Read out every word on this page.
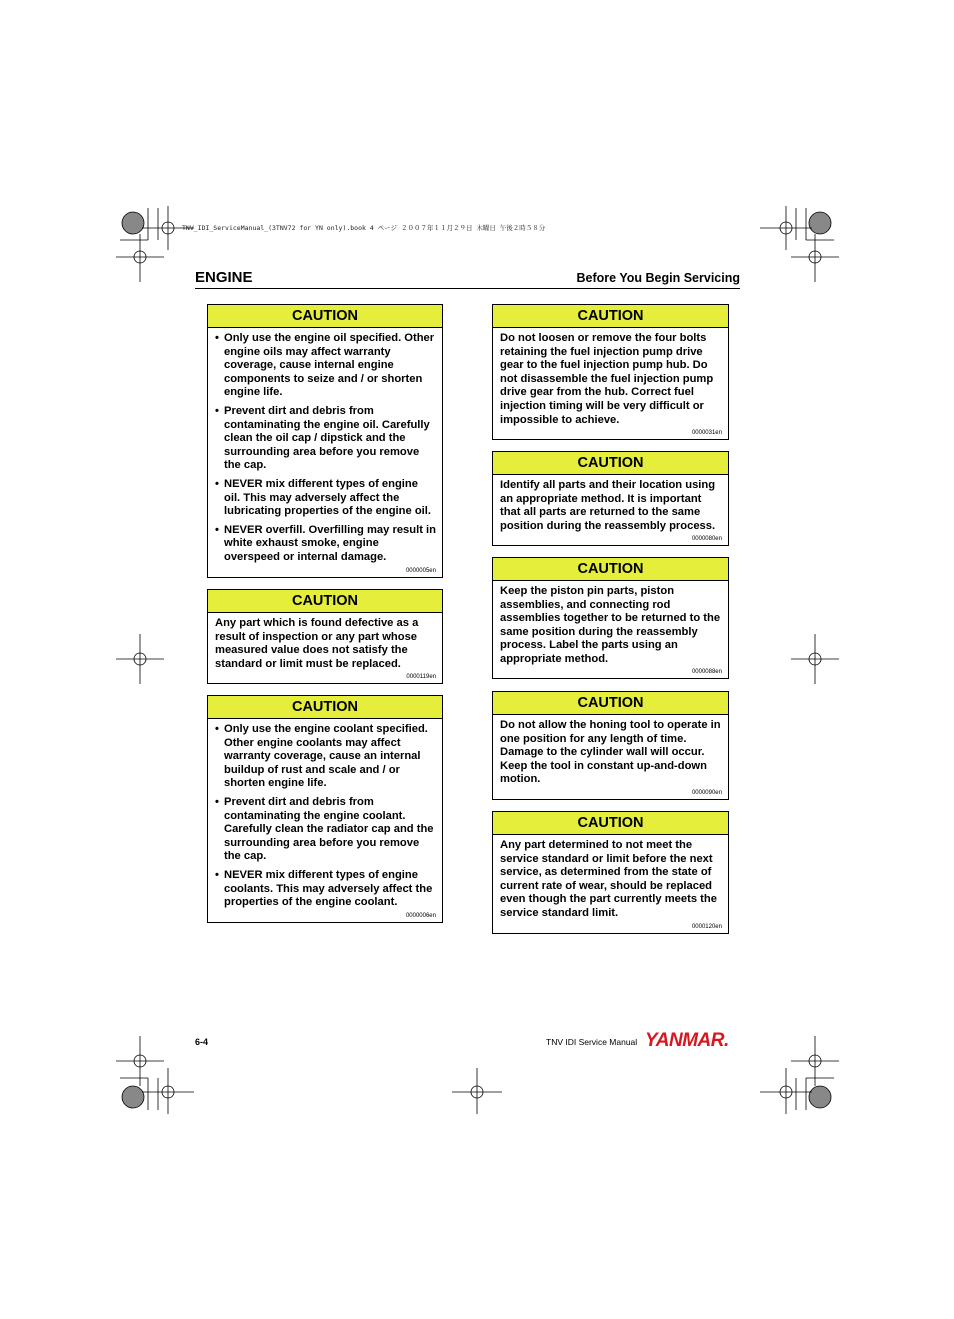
TNV_IDI_ServiceManual_(3TNV72 for YN only).book 4 ページ ２００７年１１月２９日 木曜日 午後２時５８分
ENGINE	Before You Begin Servicing
CAUTION
• Only use the engine oil specified. Other engine oils may affect warranty coverage, cause internal engine components to seize and / or shorten engine life.
• Prevent dirt and debris from contaminating the engine oil. Carefully clean the oil cap / dipstick and the surrounding area before you remove the cap.
• NEVER mix different types of engine oil. This may adversely affect the lubricating properties of the engine oil.
• NEVER overfill. Overfilling may result in white exhaust smoke, engine overspeed or internal damage.
0000005en
CAUTION
Any part which is found defective as a result of inspection or any part whose measured value does not satisfy the standard or limit must be replaced.
0000119en
CAUTION
• Only use the engine coolant specified. Other engine coolants may affect warranty coverage, cause an internal buildup of rust and scale and / or shorten engine life.
• Prevent dirt and debris from contaminating the engine coolant. Carefully clean the radiator cap and the surrounding area before you remove the cap.
• NEVER mix different types of engine coolants. This may adversely affect the properties of the engine coolant.
0000006en
CAUTION
Do not loosen or remove the four bolts retaining the fuel injection pump drive gear to the fuel injection pump hub. Do not disassemble the fuel injection pump drive gear from the hub. Correct fuel injection timing will be very difficult or impossible to achieve.
0000031en
CAUTION
Identify all parts and their location using an appropriate method. It is important that all parts are returned to the same position during the reassembly process.
0000080en
CAUTION
Keep the piston pin parts, piston assemblies, and connecting rod assemblies together to be returned to the same position during the reassembly process. Label the parts using an appropriate method.
0000088en
CAUTION
Do not allow the honing tool to operate in one position for any length of time. Damage to the cylinder wall will occur. Keep the tool in constant up-and-down motion.
0000090en
CAUTION
Any part determined to not meet the service standard or limit before the next service, as determined from the state of current rate of wear, should be replaced even though the part currently meets the service standard limit.
0000120en
6-4	TNV IDI Service Manual YANMAR.
